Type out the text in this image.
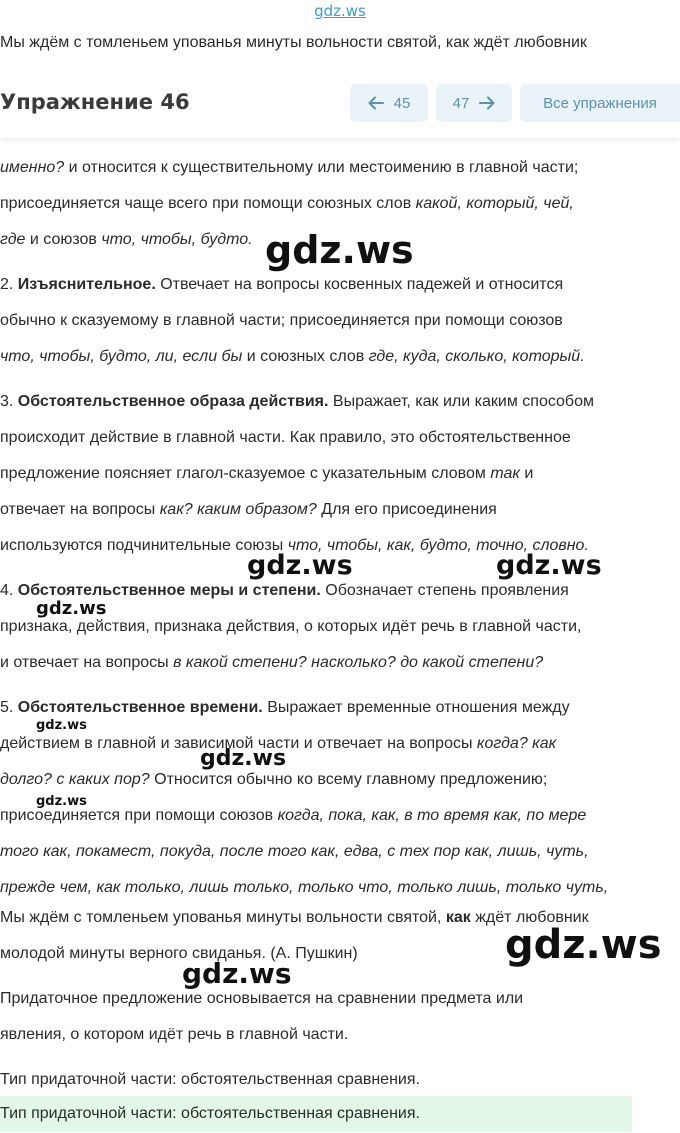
gdz.ws
Мы ждём с томленьем упованья минуты вольности святой, как ждёт любовник
Упражнение 46	45	47	Все упражнения
именно? и относится к существительному или местоимению в главной части;
присоединяется чаще всего при помощи союзных слов какой, который, чей,
где и союзов что, чтобы, будто.
2. Изъяснительное. Отвечает на вопросы косвенных падежей и относится
обычно к сказуемому в главной части; присоединяется при помощи союзов
что, чтобы, будто, ли, если бы и союзных слов где, куда, сколько, который.
3. Обстоятельственное образа действия. Выражает, как или каким способом
происходит действие в главной части. Как правило, это обстоятельственное
предложение поясняет глагол-сказуемое с указательным словом так и
отвечает на вопросы как? каким образом? Для его присоединения
используются подчинительные союзы что, чтобы, как, будто, точно, словно.
4. Обстоятельственное меры и степени. Обозначает степень проявления
признака, действия, признака действия, о которых идёт речь в главной части,
и отвечает на вопросы в какой степени? насколько? до какой степени?
5. Обстоятельственное времени. Выражает временные отношения между
действием в главной и зависимой части и отвечает на вопросы когда? как
долго? с каких пор? Относится обычно ко всему главному предложению;
присоединяется при помощи союзов когда, пока, как, в то время как, по мере
того как, покамест, покуда, после того как, едва, с тех пор как, лишь, чуть,
прежде чем, как только, лишь только, только что, только лишь, только чуть,
Мы ждём с томленьем упованья минуты вольности святой, как ждёт любовник
молодой минуты верного свиданья. (А. Пушкин)
Придаточное предложение основывается на сравнении предмета или
явления, о котором идёт речь в главной части.
Тип придаточной части: обстоятельственная сравнения.
Тип придаточной части: обстоятельственная сравнения.
gdz.ws
gdz.ws	gdz.ws
gdz.ws
gdz.ws
gdz.ws
gdz.ws
gdz.ws
gdz.ws
